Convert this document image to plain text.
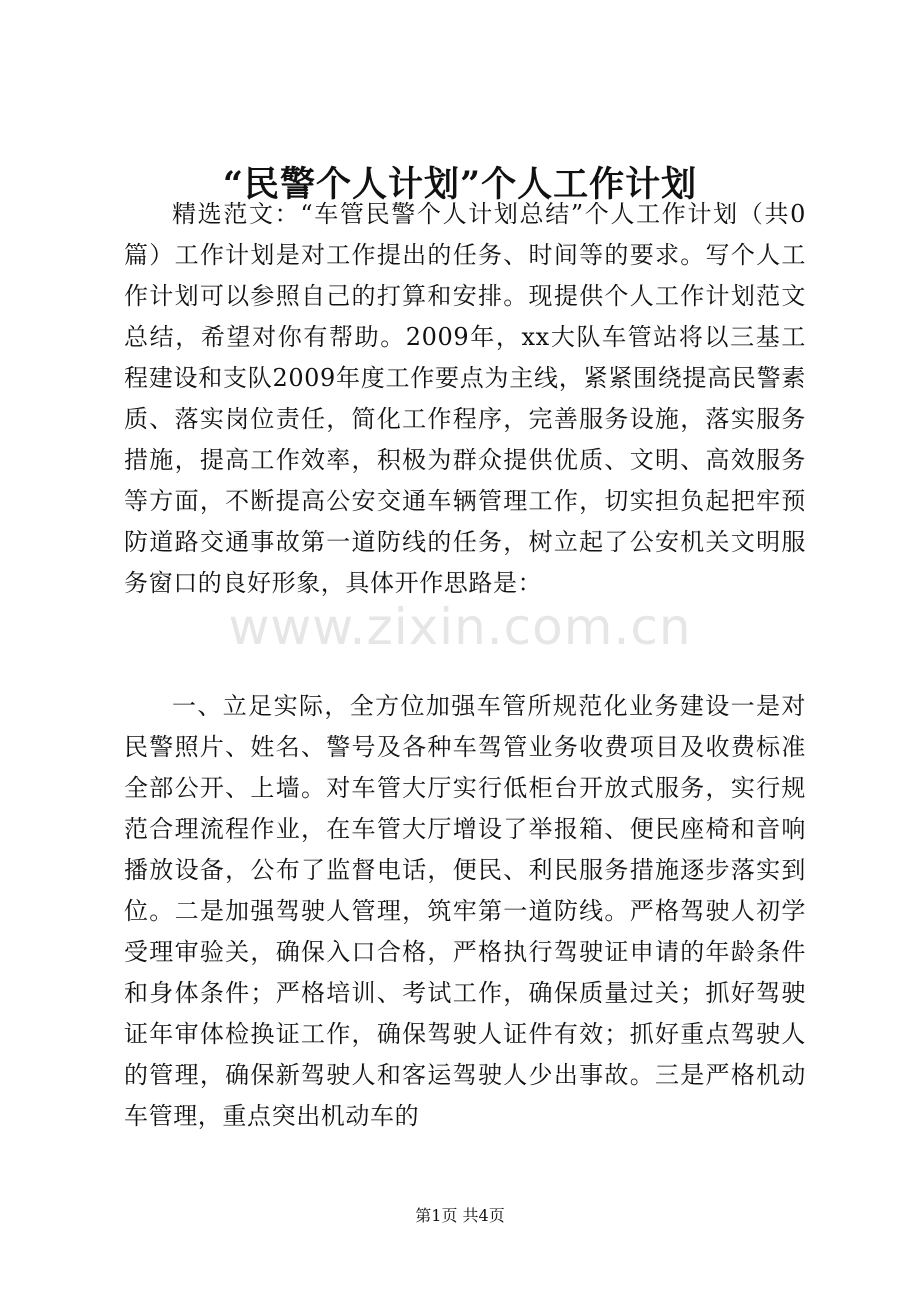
“民警个人计划”个人工作计划

精选范文：“车管民警个人计划总结”个人工作计划（共0篇）工作计划是对工作提出的任务、时间等的要求。写个人工作计划可以参照自己的打算和安排。现提供个人工作计划范文总结，希望对你有帮助。2009年，xx大队车管站将以三基工程建设和支队2009年度工作要点为主线，紧紧围绕提高民警素质、落实岗位责任，简化工作程序，完善服务设施，落实服务措施，提高工作效率，积极为群众提供优质、文明、高效服务等方面，不断提高公安交通车辆管理工作，切实担负起把牢预防道路交通事故第一道防线的任务，树立起了公安机关文明服务窗口的良好形象，具体开作思路是：

一、立足实际，全方位加强车管所规范化业务建设一是对民警照片、姓名、警号及各种车驾管业务收费项目及收费标准全部公开、上墙。对车管大厅实行低柜台开放式服务，实行规范合理流程作业，在车管大厅增设了举报箱、便民座椅和音响播放设备，公布了监督电话，便民、利民服务措施逐步落实到位。二是加强驾驶人管理，筑牢第一道防线。严格驾驶人初学受理审验关，确保入口合格，严格执行驾驶证申请的年龄条件和身体条件；严格培训、考试工作，确保质量过关；抓好驾驶证年审体检换证工作，确保驾驶人证件有效；抓好重点驾驶人的管理，确保新驾驶人和客运驾驶人少出事故。三是严格机动车管理，重点突出机动车的

www.zixin.com.cn
第1页 共4页
